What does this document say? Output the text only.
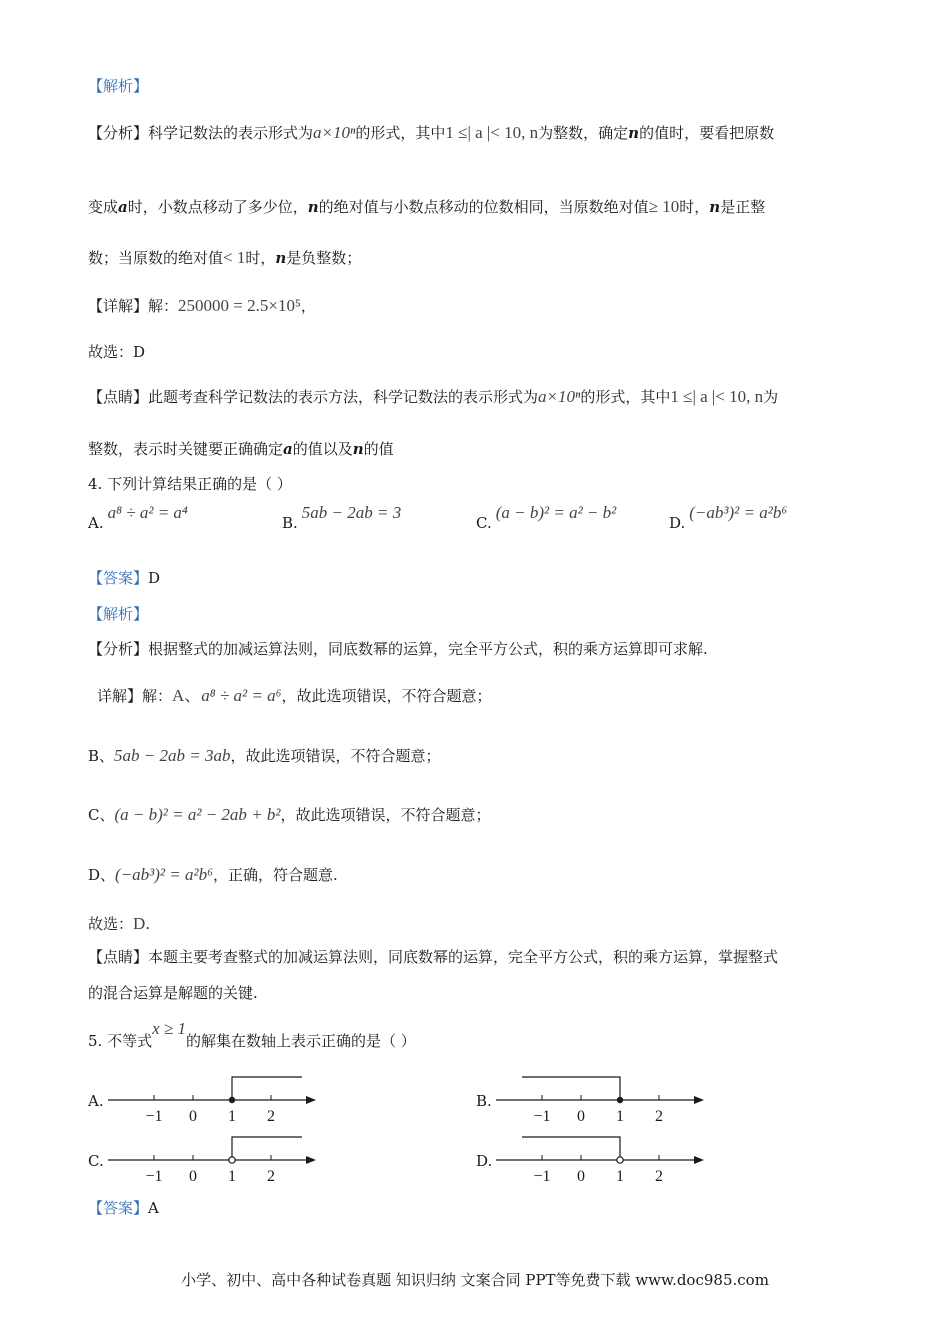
【解析】
【分析】科学记数法的表示形式为a×10ⁿ的形式，其中1 ≤| a |< 10, n为整数，确定n的值时，要看把原数
变成a时，小数点移动了多少位，n的绝对值与小数点移动的位数相同，当原数绝对值≥ 10时，n是正整
数；当原数的绝对值< 1时，n是负整数；
【详解】解：250000 = 2.5×10⁵，
故选：D
【点睛】此题考查科学记数法的表示方法，科学记数法的表示形式为a×10ⁿ的形式，其中1 ≤| a |< 10, n为
整数，表示时关键要正确确定a的值以及n的值
4. 下列计算结果正确的是（ ）
A.a⁸ ÷ a² = a⁴
B.5ab − 2ab = 3
C.(a − b)² = a² − b²
D.(−ab³)² = a²b⁶
【答案】D
【解析】
【分析】根据整式的加减运算法则，同底数幂的运算，完全平方公式，积的乘方运算即可求解.
详解】解：A、a⁸ ÷ a² = a⁶，故此选项错误，不符合题意；
B、5ab − 2ab = 3ab，故此选项错误，不符合题意；
C、(a − b)² = a² − 2ab + b²，故此选项错误，不符合题意；
D、(−ab³)² = a²b⁶，正确，符合题意.
故选：D.
【点睛】本题主要考查整式的加减运算法则，同底数幂的运算，完全平方公式，积的乘方运算，掌握整式
的混合运算是解题的关键.
5. 不等式x ≥ 1的解集在数轴上表示正确的是（ ）
A.
−1 0 1 2
B.
−1 0 1 2
C.
−1 0 1 2
D.
−1 0 1 2
【答案】A
小学、初中、高中各种试卷真题 知识归纳 文案合同 PPT等免费下载 www.doc985.com
